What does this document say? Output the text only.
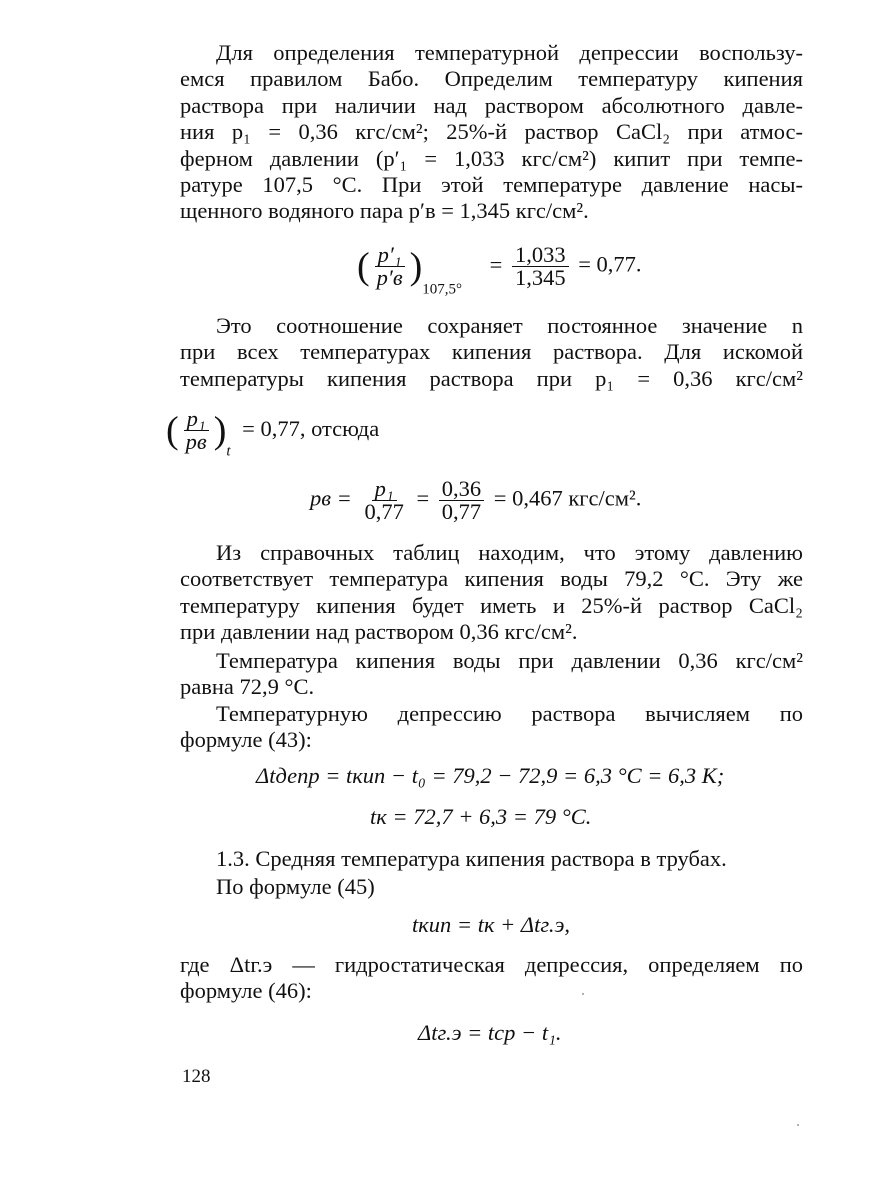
Для определения температурной депрессии воспользу-
емся правилом Бабо. Определим температуру кипения
раствора при наличии над раствором абсолютного давле-
ния p₁ = 0,36 кгс/см²; 25%-й раствор CaCl₂ при атмос-
ферном давлении (p′₁ = 1,033 кгс/см²) кипит при темпе-
ратуре 107,5 °С. При этой температуре давление насы-
щенного водяного пара p′в = 1,345 кгс/см².
( $\frac{\text{p′₁}}{p'в} )_{107,5^\circ} = \frac{1,033}{1,345} = 0,77$.
Это соотношение сохраняет постоянное значение n
при всех температурах кипения раствора. Для искомой
температуры кипения раствора при p₁ = 0,36 кгс/см²
( $\frac{\text{p₁}}{pв} )_t = 0,77$, отсюда
pв = $\frac{\text{p₁}}{0,77} = \frac{0,36}{0,77} = 0,467$ кгс/см².
Из справочных таблиц находим, что этому давлению
соответствует температура кипения воды 79,2 °С. Эту же
температуру кипения будет иметь и 25%-й раствор CaCl₂
при давлении над раствором 0,36 кгс/см².
Температура кипения воды при давлении 0,36 кгс/см²
равна 72,9 °С.
Температурную депрессию раствора вычисляем по
формуле (43):
Δtдепр = tкип − t₀ = 79,2 − 72,9 = 6,3 °С = 6,3 К;
tк = 72,7 + 6,3 = 79 °С.
1.3. Средняя температура кипения раствора в трубах.
По формуле (45)
tкип = tк + Δtг.э,
где Δtг.э — гидростатическая депрессия, определяем по
формуле (46):
Δtг.э = tср − t₁.
128
